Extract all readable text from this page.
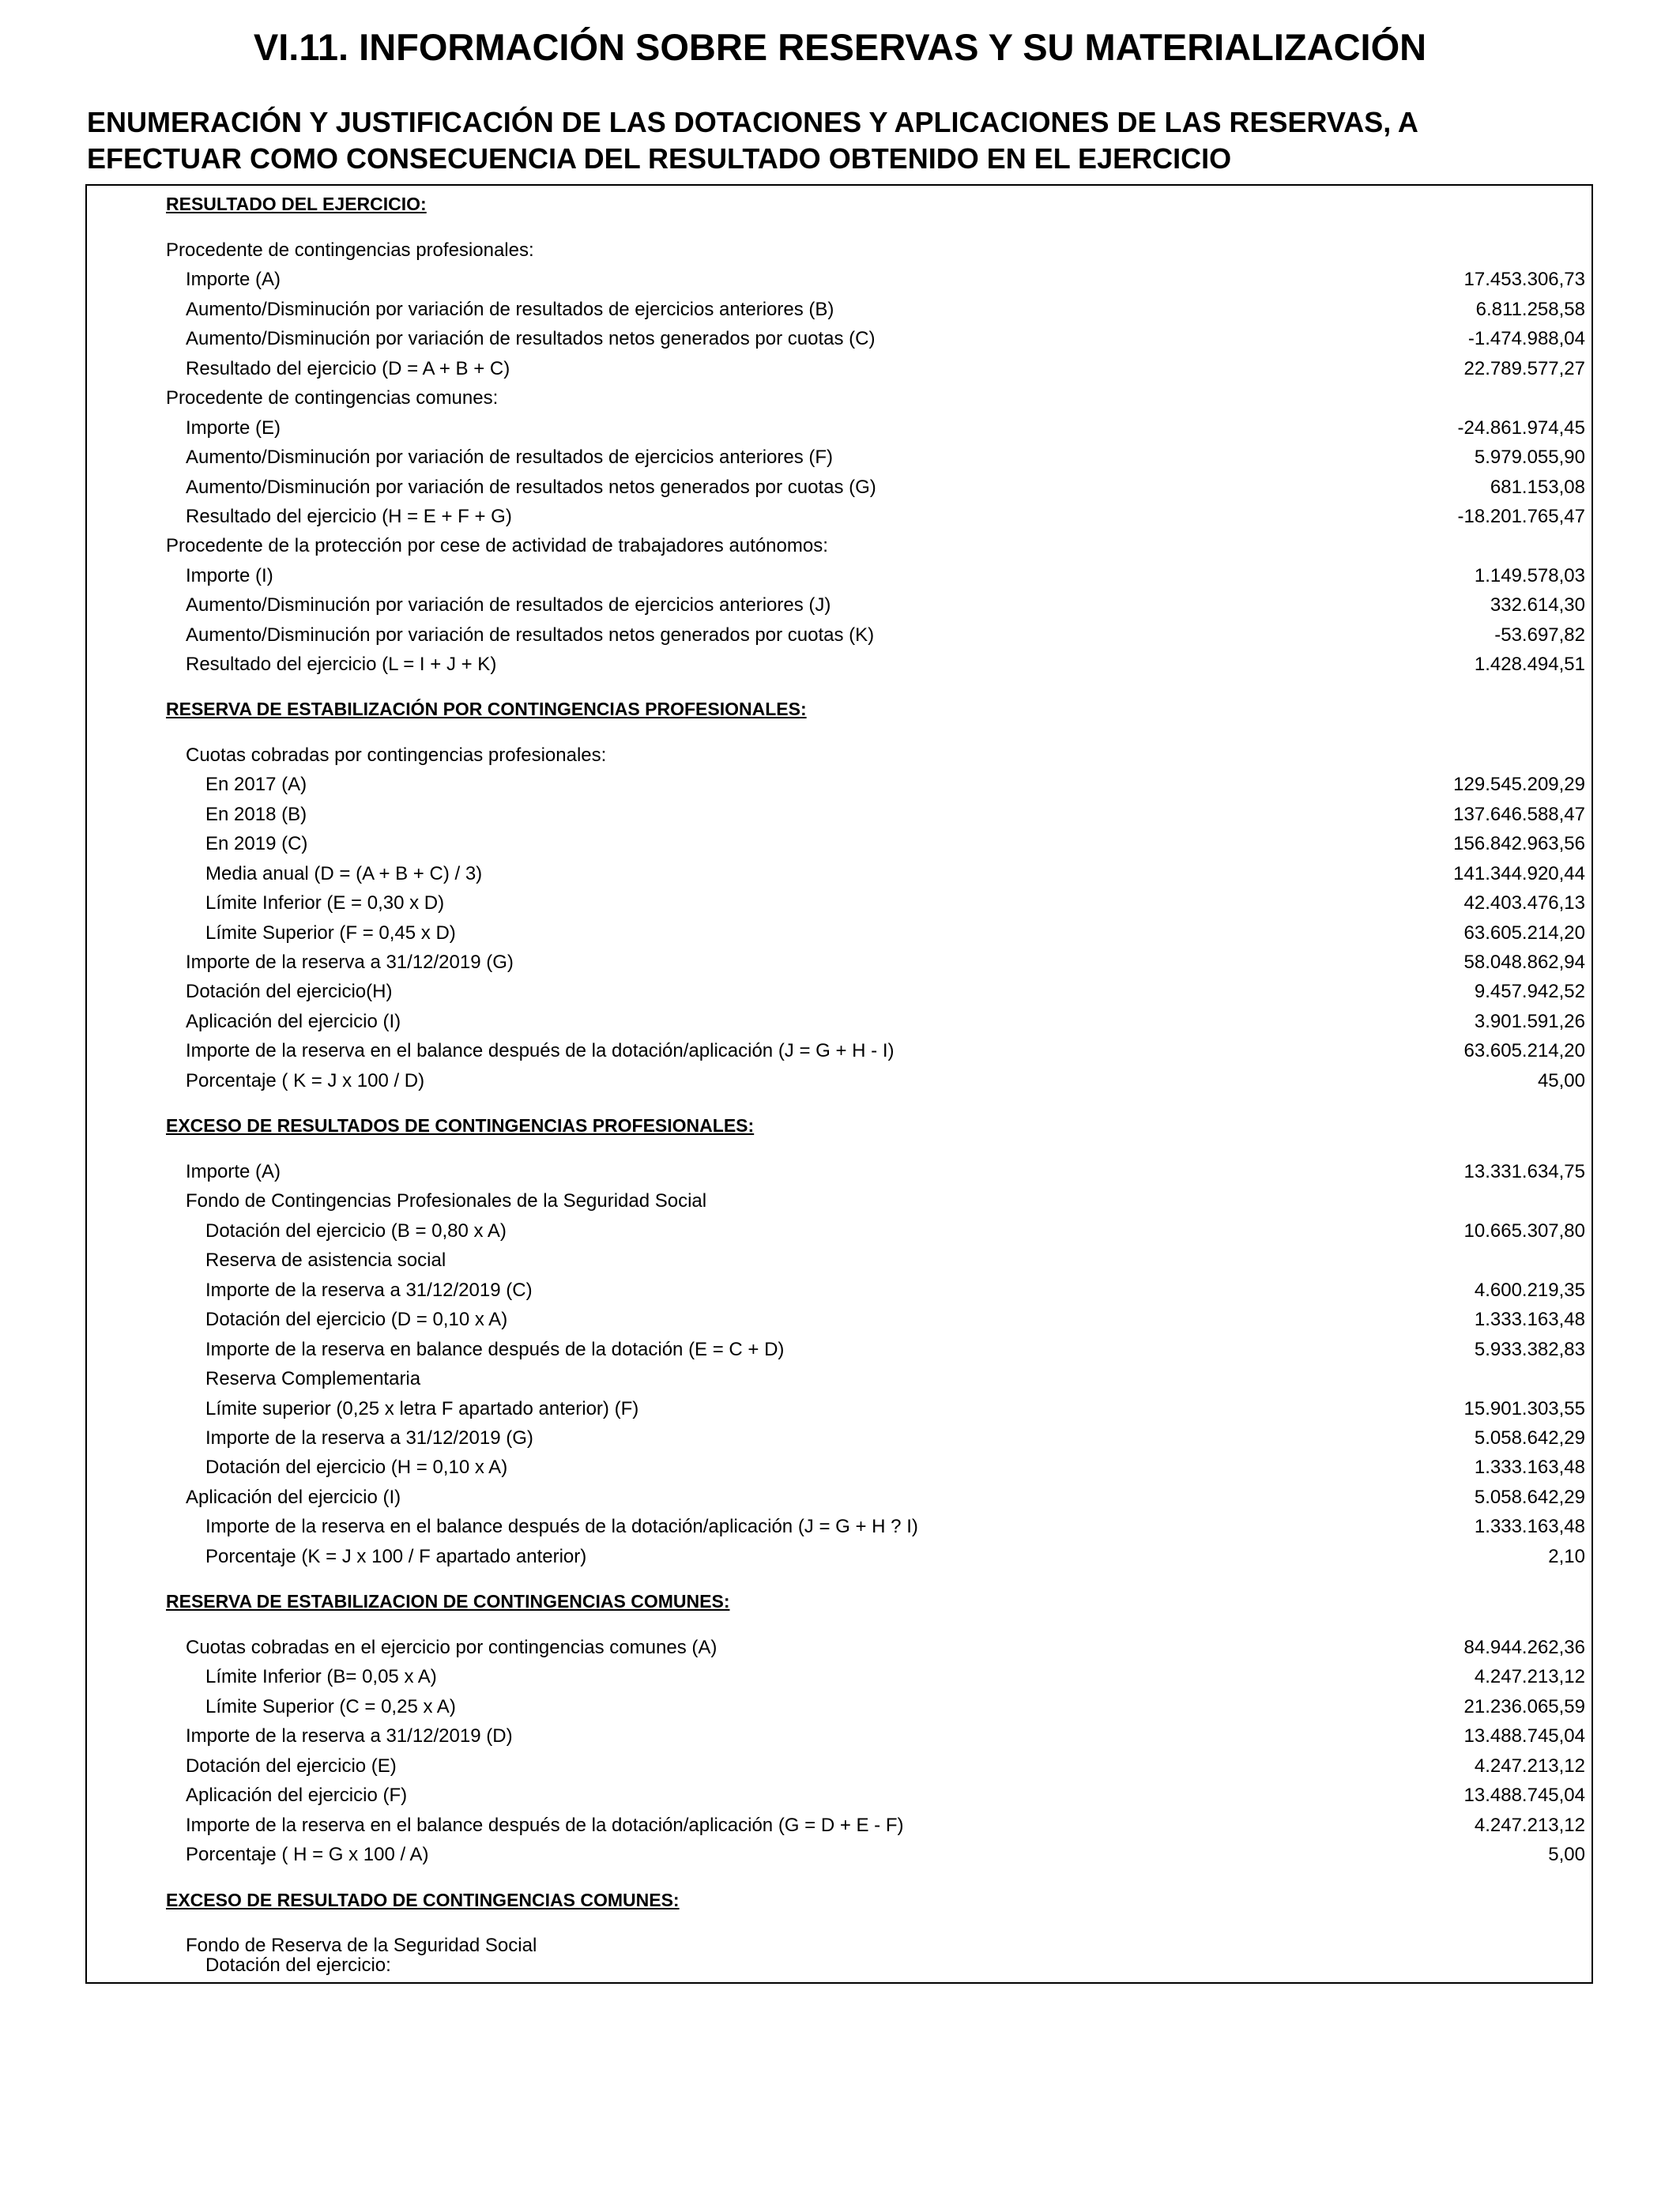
VI.11. INFORMACIÓN SOBRE RESERVAS Y SU MATERIALIZACIÓN
ENUMERACIÓN Y JUSTIFICACIÓN DE LAS DOTACIONES Y APLICACIONES DE LAS RESERVAS, A
EFECTUAR COMO CONSECUENCIA DEL RESULTADO OBTENIDO EN EL EJERCICIO
RESULTADO DEL EJERCICIO:
Procedente de contingencias profesionales:
Importe (A)	17.453.306,73
Aumento/Disminución por variación de resultados de ejercicios anteriores (B)	6.811.258,58
Aumento/Disminución por variación de resultados netos generados por cuotas (C)	-1.474.988,04
Resultado del ejercicio (D = A + B + C)	22.789.577,27
Procedente de contingencias comunes:
Importe (E)	-24.861.974,45
Aumento/Disminución por variación de resultados de ejercicios anteriores (F)	5.979.055,90
Aumento/Disminución por variación de resultados netos generados por cuotas (G)	681.153,08
Resultado del ejercicio (H = E + F + G)	-18.201.765,47
Procedente de la protección por cese de actividad de trabajadores autónomos:
Importe (I)	1.149.578,03
Aumento/Disminución por variación de resultados de ejercicios anteriores (J)	332.614,30
Aumento/Disminución por variación de resultados netos generados por cuotas (K)	-53.697,82
Resultado del ejercicio (L = I + J + K)	1.428.494,51
RESERVA DE ESTABILIZACIÓN POR CONTINGENCIAS PROFESIONALES:
Cuotas cobradas por contingencias profesionales:
En 2017 (A)	129.545.209,29
En 2018 (B)	137.646.588,47
En 2019 (C)	156.842.963,56
Media anual (D = (A + B + C) / 3)	141.344.920,44
Límite Inferior (E = 0,30 x D)	42.403.476,13
Límite Superior (F = 0,45 x D)	63.605.214,20
Importe de la reserva a 31/12/2019 (G)	58.048.862,94
Dotación del ejercicio(H)	9.457.942,52
Aplicación del ejercicio (I)	3.901.591,26
Importe de la reserva en el balance después de la dotación/aplicación (J = G + H - I)	63.605.214,20
Porcentaje ( K = J x 100 / D)	45,00
EXCESO DE RESULTADOS DE CONTINGENCIAS PROFESIONALES:
Importe (A)	13.331.634,75
Fondo de Contingencias Profesionales de la Seguridad Social
Dotación del ejercicio (B = 0,80 x A)	10.665.307,80
Reserva de asistencia social
Importe de la reserva a 31/12/2019 (C)	4.600.219,35
Dotación del ejercicio (D = 0,10 x A)	1.333.163,48
Importe de la reserva en balance después de la dotación (E = C + D)	5.933.382,83
Reserva Complementaria
Límite superior (0,25 x letra F apartado anterior) (F)	15.901.303,55
Importe de la reserva a 31/12/2019 (G)	5.058.642,29
Dotación del ejercicio (H = 0,10 x A)	1.333.163,48
Aplicación del ejercicio (I)	5.058.642,29
Importe de la reserva en el balance después de la dotación/aplicación (J = G + H ? I)	1.333.163,48
Porcentaje (K = J x 100 / F apartado anterior)	2,10
RESERVA DE ESTABILIZACION DE CONTINGENCIAS COMUNES:
Cuotas cobradas en el ejercicio por contingencias comunes (A)	84.944.262,36
Límite Inferior (B= 0,05 x A)	4.247.213,12
Límite Superior (C = 0,25 x A)	21.236.065,59
Importe de la reserva a 31/12/2019 (D)	13.488.745,04
Dotación del ejercicio (E)	4.247.213,12
Aplicación del ejercicio (F)	13.488.745,04
Importe de la reserva en el balance después de la dotación/aplicación (G = D + E - F)	4.247.213,12
Porcentaje ( H = G x 100 / A)	5,00
EXCESO DE RESULTADO DE CONTINGENCIAS COMUNES:
Fondo de Reserva de la Seguridad Social
Dotación del ejercicio:
